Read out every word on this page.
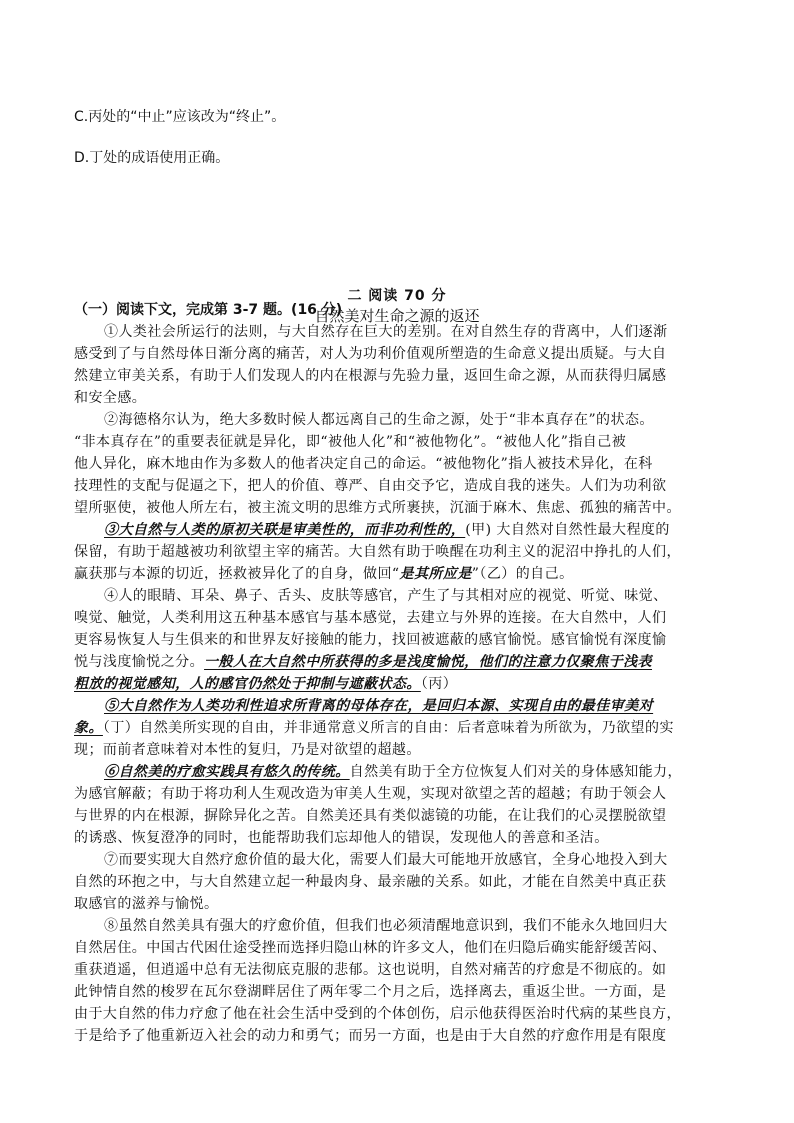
C.丙处的“中止”应该改为“终止”。
D.丁处的成语使用正确。
二 阅读 70 分
（一）阅读下文，完成第 3-7 题。(16 分)
自然美对生命之源的返还
①人类社会所运行的法则，与大自然存在巨大的差别。在对自然生存的背离中，人们逐渐
感受到了与自然母体日渐分离的痛苦，对人为功利价值观所塑造的生命意义提出质疑。与大自
然建立审美关系，有助于人们发现人的内在根源与先验力量，返回生命之源，从而获得归属感
和安全感。
②海德格尔认为，绝大多数时候人都远离自己的生命之源，处于“非本真存在”的状态。
“非本真存在”的重要表征就是异化，即“被他人化”和“被他物化”。“被他人化”指自己被
他人异化，麻木地由作为多数人的他者决定自己的命运。“被他物化”指人被技术异化，在科
技理性的支配与促逼之下，把人的价值、尊严、自由交予它，造成自我的迷失。人们为功利欲
望所驱使，被他人所左右，被主流文明的思维方式所裹挟，沉湎于麻木、焦虑、孤独的痛苦中。
③大自然与人类的原初关联是审美性的，而非功利性的，(甲) 大自然对自然性最大程度的
保留，有助于超越被功利欲望主宰的痛苦。大自然有助于唤醒在功利主义的泥沼中挣扎的人们，
赢获那与本源的切近，拯救被异化了的自身，做回“是其所应是”（乙）的自己。
④人的眼睛、耳朵、鼻子、舌头、皮肤等感官，产生了与其相对应的视觉、听觉、味觉、
嗅觉、触觉，人类利用这五种基本感官与基本感觉，去建立与外界的连接。在大自然中，人们
更容易恢复人与生俱来的和世界友好接触的能力，找回被遮蔽的感官愉悦。感官愉悦有深度愉
悦与浅度愉悦之分。一般人在大自然中所获得的多是浅度愉悦，他们的注意力仅聚焦于浅表
粗放的视觉感知，人的感官仍然处于抑制与遮蔽状态。（丙）
⑤大自然作为人类功利性追求所背离的母体存在，是回归本源、实现自由的最佳审美对
象。（丁）自然美所实现的自由，并非通常意义所言的自由：后者意味着为所欲为，乃欲望的实
现；而前者意味着对本性的复归，乃是对欲望的超越。
⑥自然美的疗愈实践具有悠久的传统。自然美有助于全方位恢复人们对关的身体感知能力，
为感官解蔽；有助于将功利人生观改造为审美人生观，实现对欲望之苦的超越；有助于领会人
与世界的内在根源，摒除异化之苦。自然美还具有类似滤镜的功能，在让我们的心灵摆脱欲望
的诱惑、恢复澄净的同时，也能帮助我们忘却他人的错误，发现他人的善意和圣洁。
⑦而要实现大自然疗愈价值的最大化，需要人们最大可能地开放感官，全身心地投入到大
自然的环抱之中，与大自然建立起一种最肉身、最亲融的关系。如此，才能在自然美中真正获
取感官的滋养与愉悦。
⑧虽然自然美具有强大的疗愈价值，但我们也必须清醒地意识到，我们不能永久地回归大
自然居住。中国古代困仕途受挫而选择归隐山林的许多文人，他们在归隐后确实能舒缓苦闷、
重获逍遥，但逍遥中总有无法彻底克服的悲郁。这也说明，自然对痛苦的疗愈是不彻底的。如
此钟情自然的梭罗在瓦尔登湖畔居住了两年零二个月之后，选择离去，重返尘世。一方面，是
由于大自然的伟力疗愈了他在社会生活中受到的个体创伤，启示他获得医治时代病的某些良方，
于是给予了他重新迈入社会的动力和勇气；而另一方面，也是由于大自然的疗愈作用是有限度
